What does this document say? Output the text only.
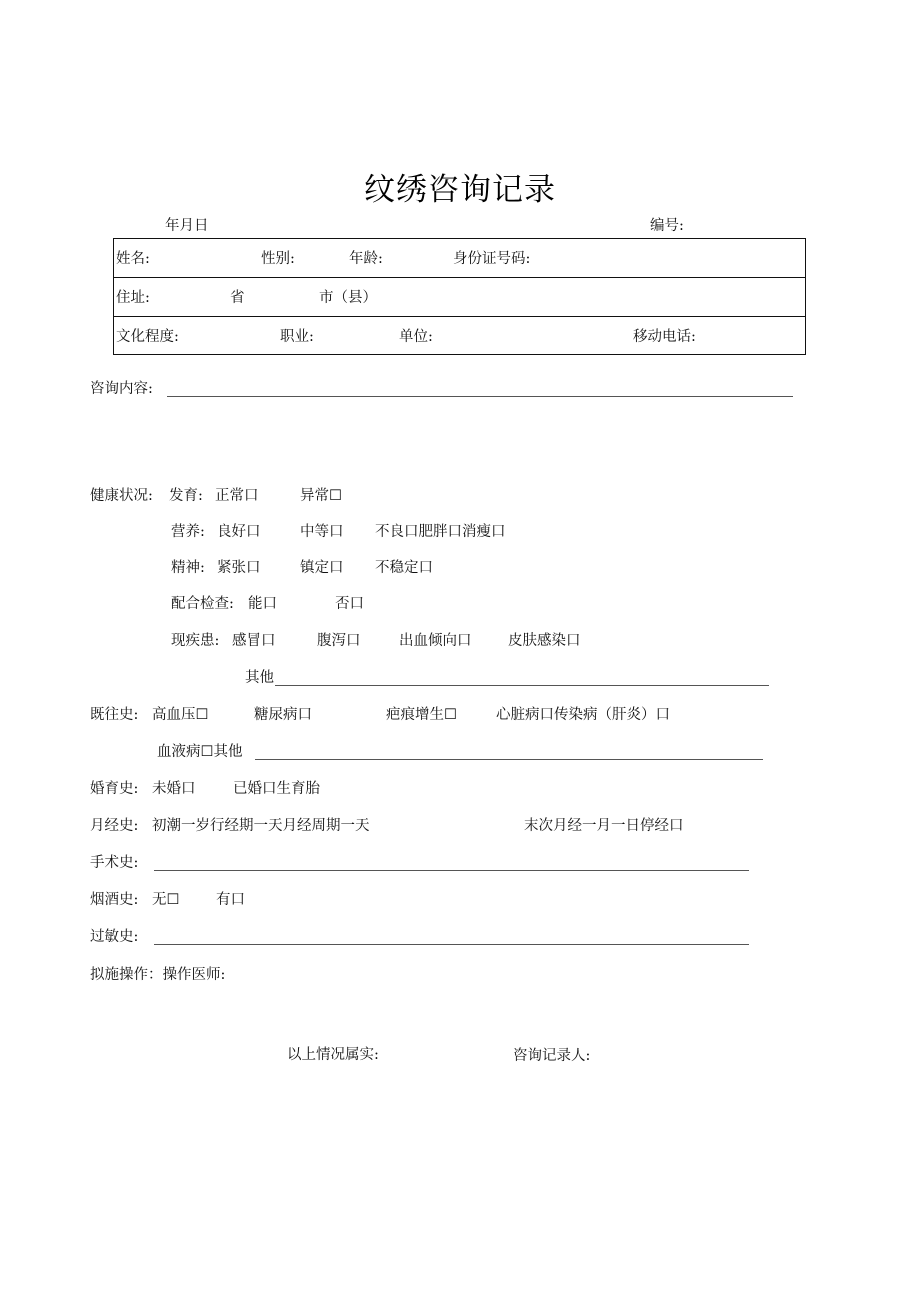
纹绣咨询记录
年月日	编号:
姓名:	性别:	年龄:	身份证号码:
住址:	省	市（县）
文化程度:	职业:	单位:	移动电话:
咨询内容:
健康状况: 发育: 正常口	异常☐
营养: 良好口	中等口 不良口肥胖口消瘦口
精神: 紧张口	镇定口 不稳定口
配合检查: 能口	否口
现疾患: 感冒口	腹泻口	出血倾向口	皮肤感染口
其他
既往史: 高血压☐	糖尿病口	疤痕增生☐	心脏病口传染病（肝炎）口
血液病☐其他
婚育史: 未婚口	已婚口生育胎
月经史: 初潮一岁行经期一天月经周期一天	末次月经一月一日停经口
手术史:
烟酒史: 无☐	有口
过敏史:
拟施操作：操作医师:
以上情况属实:	咨询记录人:
